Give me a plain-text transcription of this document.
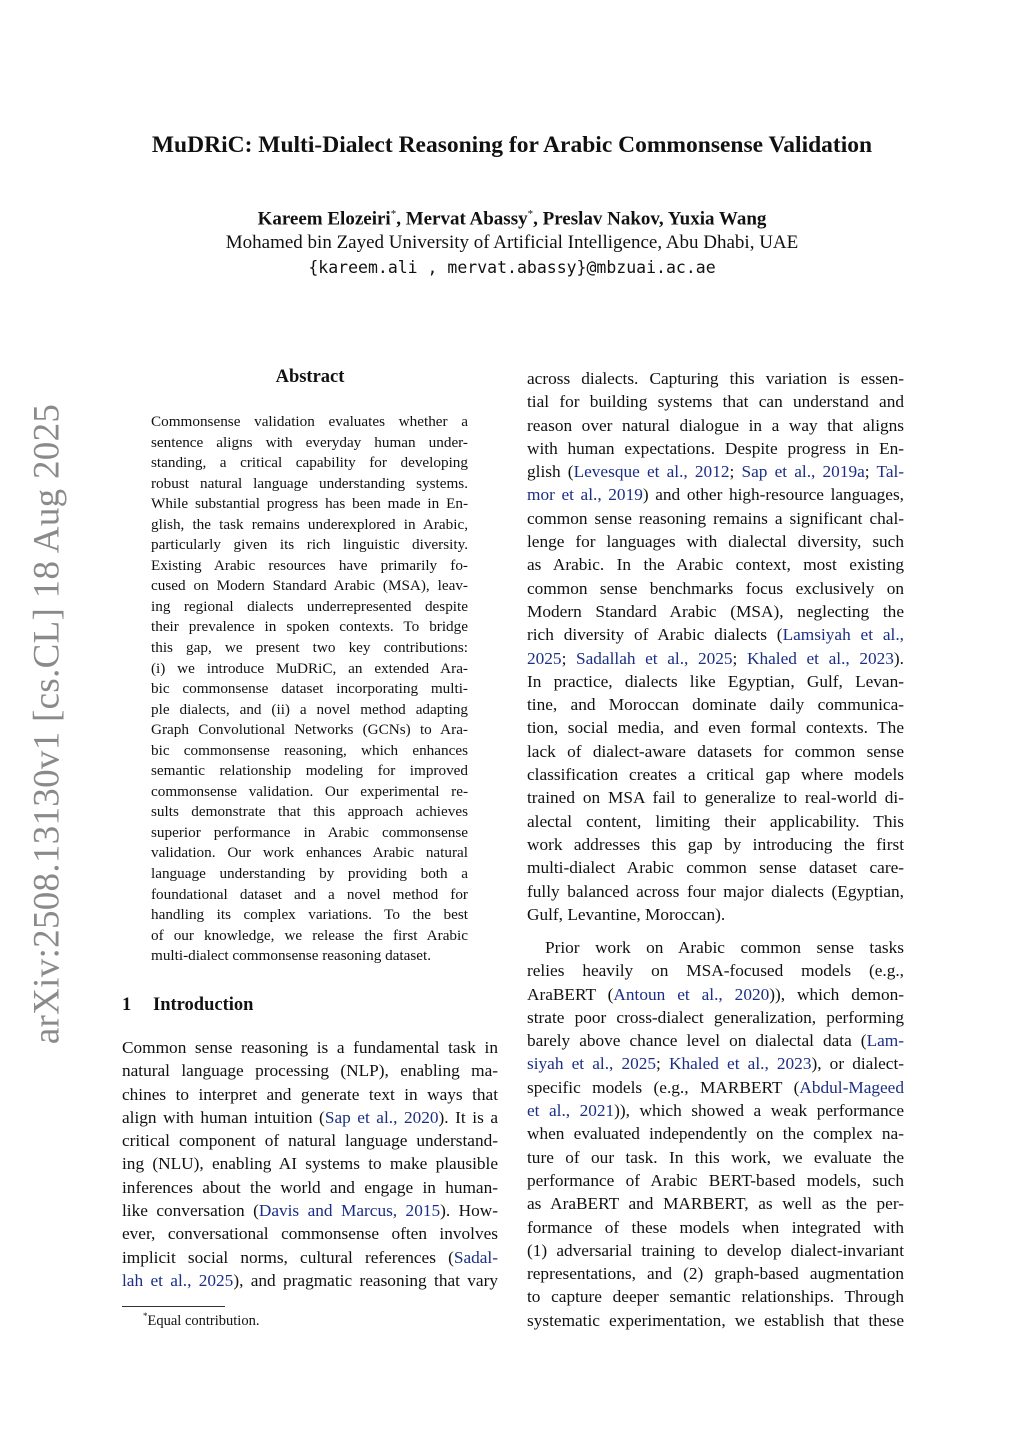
arXiv:2508.13130v1 [cs.CL] 18 Aug 2025
MuDRiC: Multi-Dialect Reasoning for Arabic Commonsense Validation
Kareem Elozeiri*, Mervat Abassy*, Preslav Nakov, Yuxia Wang
Mohamed bin Zayed University of Artificial Intelligence, Abu Dhabi, UAE
{kareem.ali , mervat.abassy}@mbzuai.ac.ae
Abstract
Commonsense validation evaluates whether a
sentence aligns with everyday human under-
standing, a critical capability for developing
robust natural language understanding systems.
While substantial progress has been made in En-
glish, the task remains underexplored in Arabic,
particularly given its rich linguistic diversity.
Existing Arabic resources have primarily fo-
cused on Modern Standard Arabic (MSA), leav-
ing regional dialects underrepresented despite
their prevalence in spoken contexts. To bridge
this gap, we present two key contributions:
(i) we introduce MuDRiC, an extended Ara-
bic commonsense dataset incorporating multi-
ple dialects, and (ii) a novel method adapting
Graph Convolutional Networks (GCNs) to Ara-
bic commonsense reasoning, which enhances
semantic relationship modeling for improved
commonsense validation. Our experimental re-
sults demonstrate that this approach achieves
superior performance in Arabic commonsense
validation. Our work enhances Arabic natural
language understanding by providing both a
foundational dataset and a novel method for
handling its complex variations. To the best
of our knowledge, we release the first Arabic
multi-dialect commonsense reasoning dataset.
1 Introduction
Common sense reasoning is a fundamental task in
natural language processing (NLP), enabling ma-
chines to interpret and generate text in ways that
align with human intuition (Sap et al., 2020). It is a
critical component of natural language understand-
ing (NLU), enabling AI systems to make plausible
inferences about the world and engage in human-
like conversation (Davis and Marcus, 2015). How-
ever, conversational commonsense often involves
implicit social norms, cultural references (Sadal-
lah et al., 2025), and pragmatic reasoning that vary
across dialects. Capturing this variation is essen-
tial for building systems that can understand and
reason over natural dialogue in a way that aligns
with human expectations. Despite progress in En-
glish (Levesque et al., 2012; Sap et al., 2019a; Tal-
mor et al., 2019) and other high-resource languages,
common sense reasoning remains a significant chal-
lenge for languages with dialectal diversity, such
as Arabic. In the Arabic context, most existing
common sense benchmarks focus exclusively on
Modern Standard Arabic (MSA), neglecting the
rich diversity of Arabic dialects (Lamsiyah et al.,
2025; Sadallah et al., 2025; Khaled et al., 2023).
In practice, dialects like Egyptian, Gulf, Levan-
tine, and Moroccan dominate daily communica-
tion, social media, and even formal contexts. The
lack of dialect-aware datasets for common sense
classification creates a critical gap where models
trained on MSA fail to generalize to real-world di-
alectal content, limiting their applicability. This
work addresses this gap by introducing the first
multi-dialect Arabic common sense dataset care-
fully balanced across four major dialects (Egyptian,
Gulf, Levantine, Moroccan).
Prior work on Arabic common sense tasks
relies heavily on MSA-focused models (e.g.,
AraBERT (Antoun et al., 2020)), which demon-
strate poor cross-dialect generalization, performing
barely above chance level on dialectal data (Lam-
siyah et al., 2025; Khaled et al., 2023), or dialect-
specific models (e.g., MARBERT (Abdul-Mageed
et al., 2021)), which showed a weak performance
when evaluated independently on the complex na-
ture of our task. In this work, we evaluate the
performance of Arabic BERT-based models, such
as AraBERT and MARBERT, as well as the per-
formance of these models when integrated with
(1) adversarial training to develop dialect-invariant
representations, and (2) graph-based augmentation
to capture deeper semantic relationships. Through
systematic experimentation, we establish that these
*Equal contribution.
